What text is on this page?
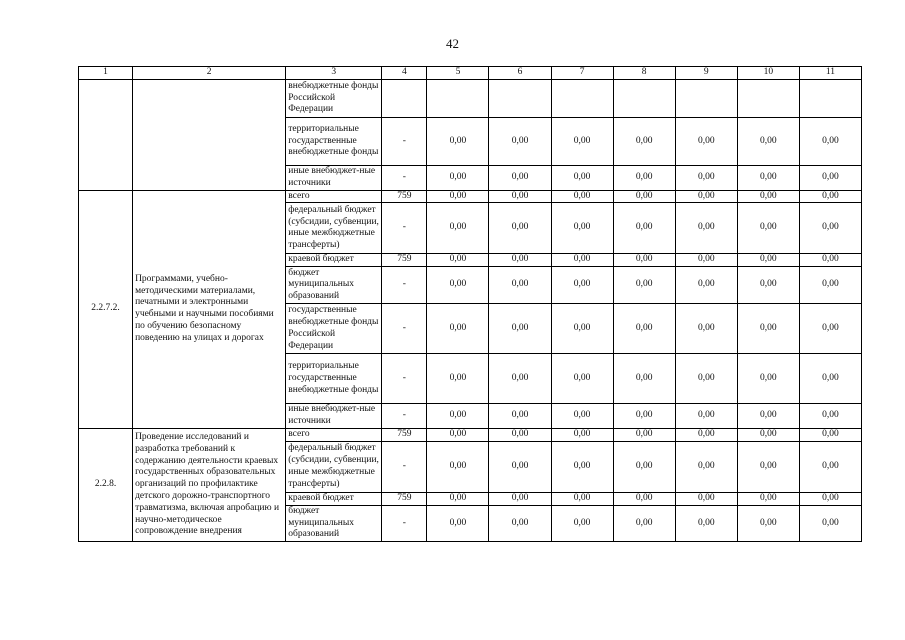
42
1	2	3	4	5	6	7	8	9	10	11
		внебюджетные фонды Российской Федерации								
		территориальные государственные внебюджетные фонды	-	0,00	0,00	0,00	0,00	0,00	0,00	0,00
		иные внебюджет-ные источники	-	0,00	0,00	0,00	0,00	0,00	0,00	0,00
2.2.7.2.	Программами, учебно-методическими материалами, печатными и электронными учебными и научными пособиями по обучению безопасному поведению на улицах и дорогах	всего	759	0,00	0,00	0,00	0,00	0,00	0,00	0,00
		федеральный бюджет (субсидии, субвенции, иные межбюджетные трансферты)	-	0,00	0,00	0,00	0,00	0,00	0,00	0,00
		краевой бюджет	759	0,00	0,00	0,00	0,00	0,00	0,00	0,00
		бюджет муниципальных образований	-	0,00	0,00	0,00	0,00	0,00	0,00	0,00
		государственные внебюджетные фонды Российской Федерации	-	0,00	0,00	0,00	0,00	0,00	0,00	0,00
		территориальные государственные внебюджетные фонды	-	0,00	0,00	0,00	0,00	0,00	0,00	0,00
		иные внебюджет-ные источники	-	0,00	0,00	0,00	0,00	0,00	0,00	0,00
2.2.8.	Проведение исследований и разработка требований к содержанию деятельности краевых государственных образовательных организаций по профилактике детского дорожно-транспортного травматизма, включая апробацию и научно-методическое сопровождение внедрения	всего	759	0,00	0,00	0,00	0,00	0,00	0,00	0,00
		федеральный бюджет (субсидии, субвенции, иные межбюджетные трансферты)	-	0,00	0,00	0,00	0,00	0,00	0,00	0,00
		краевой бюджет	759	0,00	0,00	0,00	0,00	0,00	0,00	0,00
		бюджет муниципальных образований	-	0,00	0,00	0,00	0,00	0,00	0,00	0,00
